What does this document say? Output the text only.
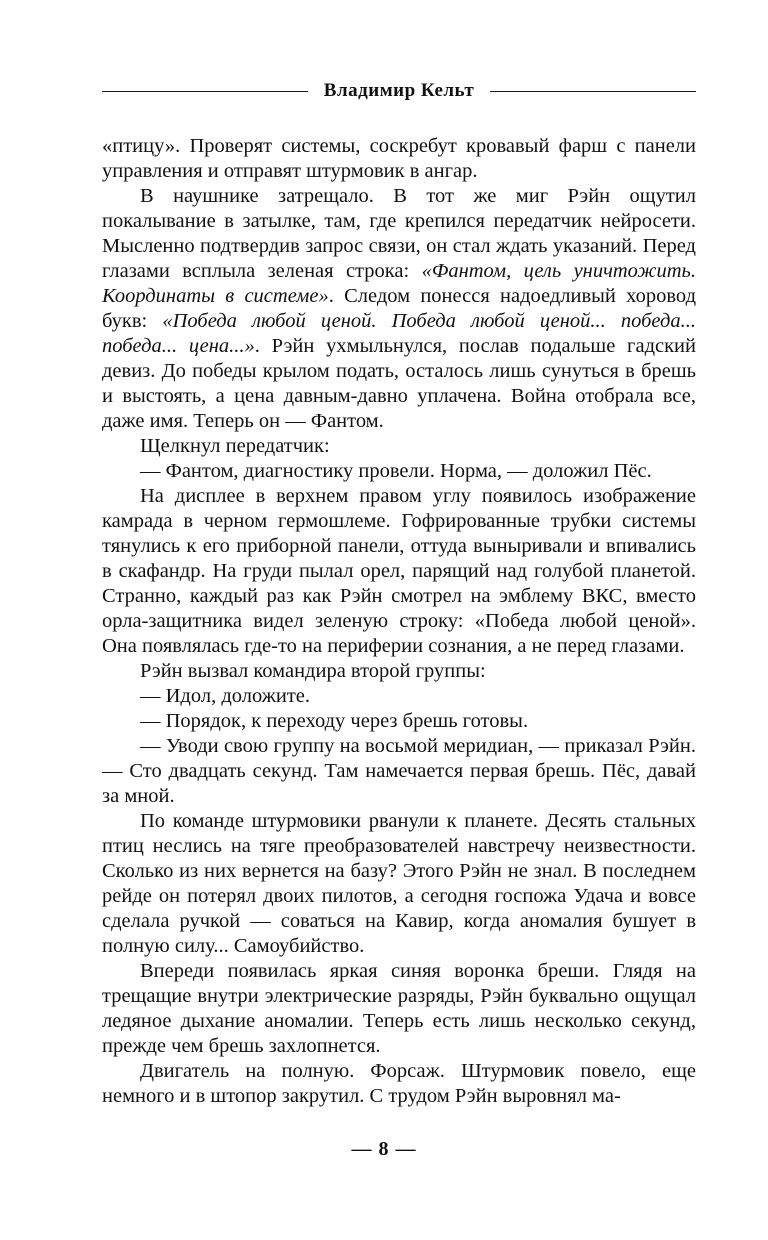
Владимир Кельт

«птицу». Проверят системы, соскребут кровавый фарш с панели управления и отправят штурмовик в ангар.

В наушнике затрещало. В тот же миг Рэйн ощутил покалывание в затылке, там, где крепился передатчик нейросети. Мысленно подтвердив запрос связи, он стал ждать указаний. Перед глазами всплыла зеленая строка: «Фантом, цель уничтожить. Координаты в системе». Следом понесся надоедливый хоровод букв: «Победа любой ценой. Победа любой ценой... победа... победа... цена...». Рэйн ухмыльнулся, послав подальше гадский девиз. До победы крылом подать, осталось лишь сунуться в брешь и выстоять, а цена давным-давно уплачена. Война отобрала все, даже имя. Теперь он — Фантом.

Щелкнул передатчик:

— Фантом, диагностику провели. Норма, — доложил Пёс.

На дисплее в верхнем правом углу появилось изображение камрада в черном гермошлеме. Гофрированные трубки системы тянулись к его приборной панели, оттуда выныривали и впивались в скафандр. На груди пылал орел, парящий над голубой планетой. Странно, каждый раз как Рэйн смотрел на эмблему ВКС, вместо орла-защитника видел зеленую строку: «Победа любой ценой». Она появлялась где-то на периферии сознания, а не перед глазами.

Рэйн вызвал командира второй группы:

— Идол, доложите.

— Порядок, к переходу через брешь готовы.

— Уводи свою группу на восьмой меридиан, — приказал Рэйн. — Сто двадцать секунд. Там намечается первая брешь. Пёс, давай за мной.

По команде штурмовики рванули к планете. Десять стальных птиц неслись на тяге преобразователей навстречу неизвестности. Сколько из них вернется на базу? Этого Рэйн не знал. В последнем рейде он потерял двоих пилотов, а сегодня госпожа Удача и вовсе сделала ручкой — соваться на Кавир, когда аномалия бушует в полную силу... Самоубийство.

Впереди появилась яркая синяя воронка бреши. Глядя на трещащие внутри электрические разряды, Рэйн буквально ощущал ледяное дыхание аномалии. Теперь есть лишь несколько секунд, прежде чем брешь захлопнется.

Двигатель на полную. Форсаж. Штурмовик повело, еще немного и в штопор закрутил. С трудом Рэйн выровнял ма-

— 8 —
